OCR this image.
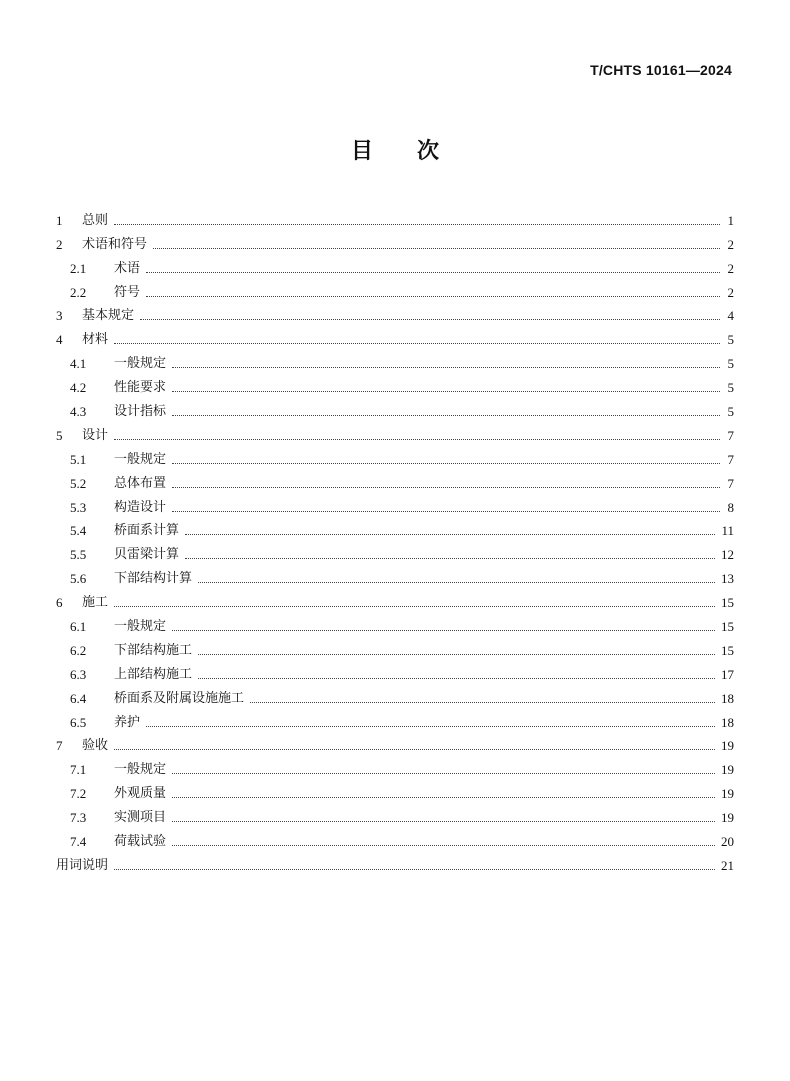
T/CHTS 10161—2024
目次
1	总则	1
2	术语和符号	2
2.1	术语	2
2.2	符号	2
3	基本规定	4
4	材料	5
4.1	一般规定	5
4.2	性能要求	5
4.3	设计指标	5
5	设计	7
5.1	一般规定	7
5.2	总体布置	7
5.3	构造设计	8
5.4	桥面系计算	11
5.5	贝雷梁计算	12
5.6	下部结构计算	13
6	施工	15
6.1	一般规定	15
6.2	下部结构施工	15
6.3	上部结构施工	17
6.4	桥面系及附属设施施工	18
6.5	养护	18
7	验收	19
7.1	一般规定	19
7.2	外观质量	19
7.3	实测项目	19
7.4	荷载试验	20
用词说明	21
